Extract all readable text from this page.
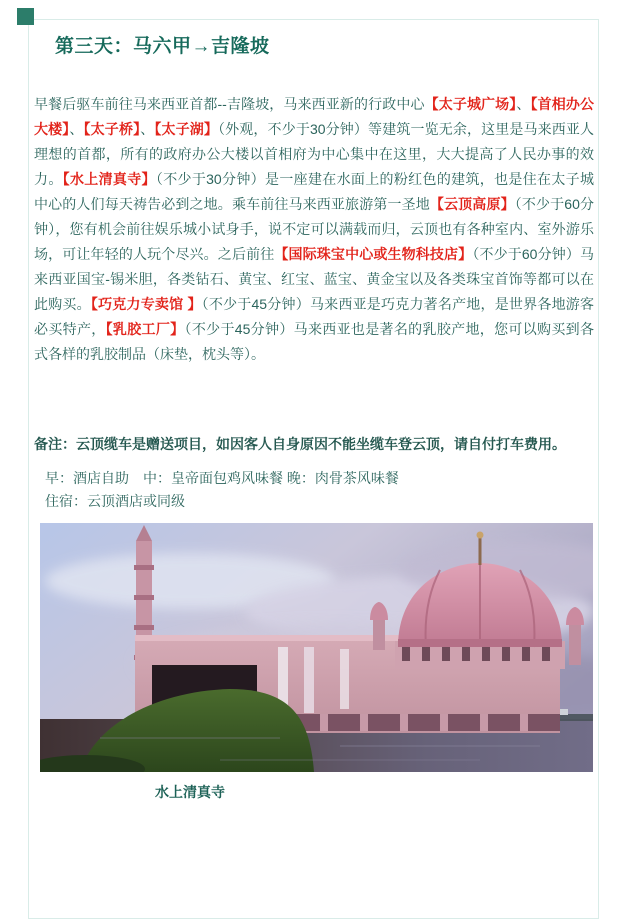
第三天：马六甲→吉隆坡

早餐后驱车前往马来西亚首都--吉隆坡，马来西亚新的行政中心【太子城广场】、【首相办公大楼】、【太子桥】、【太子湖】（外观，不少于30分钟）等建筑一览无余，这里是马来西亚人理想的首都，所有的政府办公大楼以首相府为中心集中在这里，大大提高了人民办事的效力。【水上清真寺】（不少于30分钟）是一座建在水面上的粉红色的建筑，也是住在太子城中心的人们每天祷告必到之地。乘车前往马来西亚旅游第一圣地【云顶高原】（不少于60分钟），您有机会前往娱乐城小试身手，说不定可以满载而归，云顶也有各种室内、室外游乐场，可让年轻的人玩个尽兴。之后前往【国际珠宝中心或生物科技店】（不少于60分钟）马来西亚国宝-锡米胆，各类钻石、黄宝、红宝、蓝宝、黄金宝以及各类珠宝首饰等都可以在此购买。【巧克力专卖馆 】（不少于45分钟）马来西亚是巧克力著名产地，是世界各地游客必买特产，【乳胶工厂】（不少于45分钟）马来西亚也是著名的乳胶产地，您可以购买到各式各样的乳胶制品（床垫，枕头等）。

备注：云顶缆车是赠送项目，如因客人自身原因不能坐缆车登云顶，请自付打车费用。

早：酒店自助　中：皇帝面包鸡风味餐 晚：肉骨茶风味餐
住宿：云顶酒店或同级
水上清真寺
